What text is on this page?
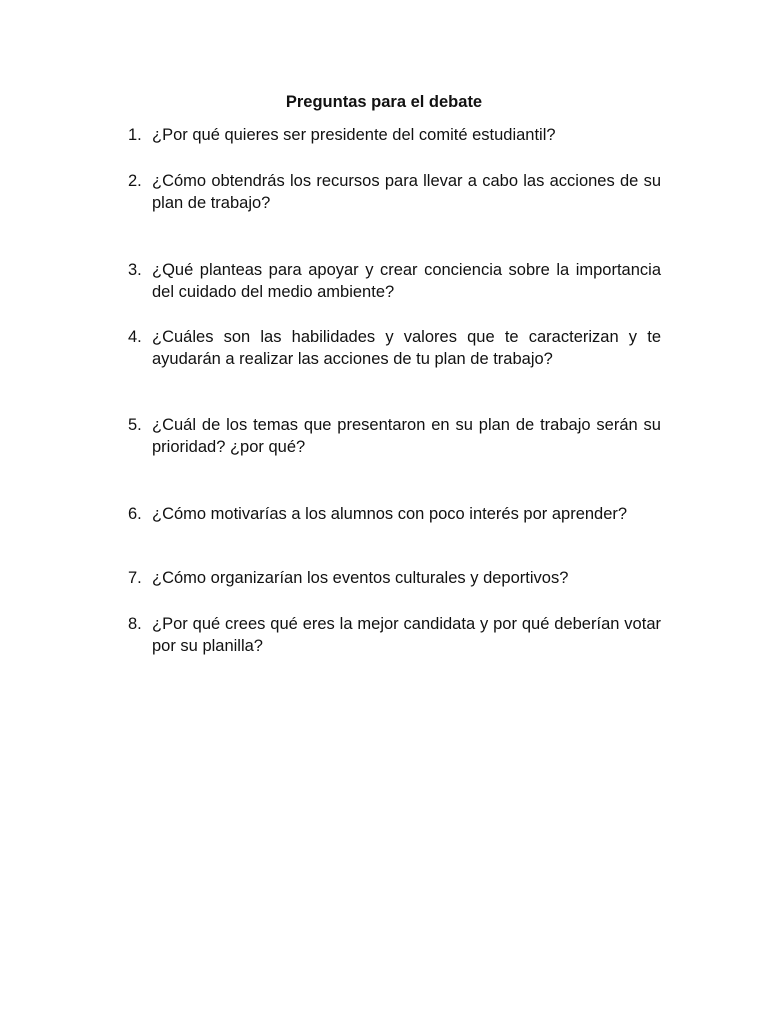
Preguntas para el debate
1. ¿Por qué quieres ser presidente del comité estudiantil?
2. ¿Cómo obtendrás los recursos para llevar a cabo las acciones de su plan de trabajo?
3. ¿Qué planteas para apoyar y crear conciencia sobre la importancia del cuidado del medio ambiente?
4. ¿Cuáles son las habilidades y valores que te caracterizan y te ayudarán a realizar las acciones de tu plan de trabajo?
5. ¿Cuál de los temas que presentaron en su plan de trabajo serán su prioridad? ¿por qué?
6. ¿Cómo motivarías a los alumnos con poco interés por aprender?
7. ¿Cómo organizarían los eventos culturales y deportivos?
8. ¿Por qué crees qué eres la mejor candidata y por qué deberían votar por su planilla?
